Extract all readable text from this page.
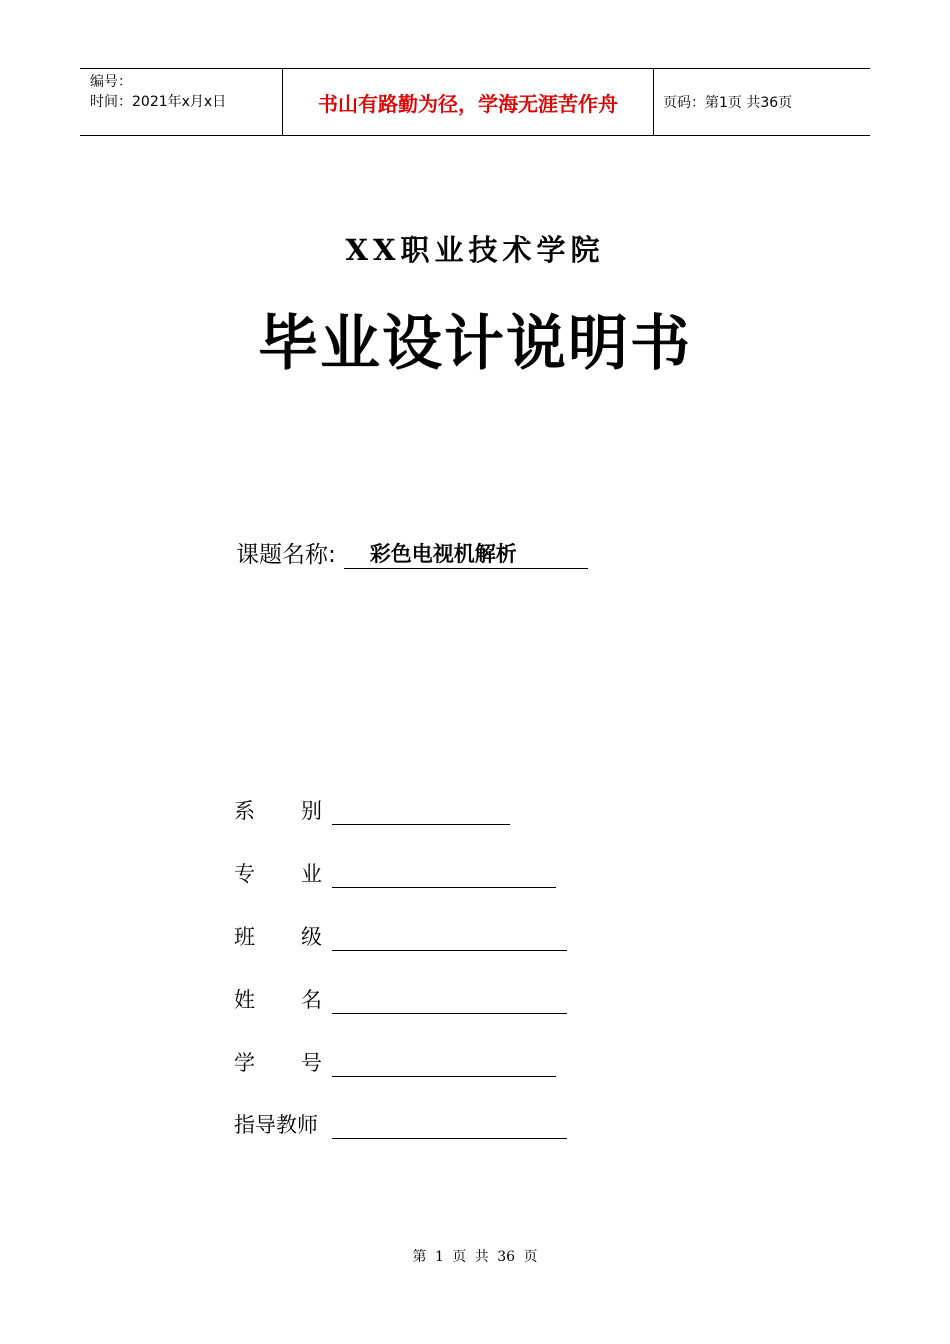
编号：
时间：2021年x月x日	书山有路勤为径，学海无涯苦作舟	页码：第1页 共36页
XX职业技术学院
毕业设计说明书
课题名称:	彩色电视机解析
系 别
专 业
班 级
姓 名
学 号
指导教师
第 1 页 共 36 页
